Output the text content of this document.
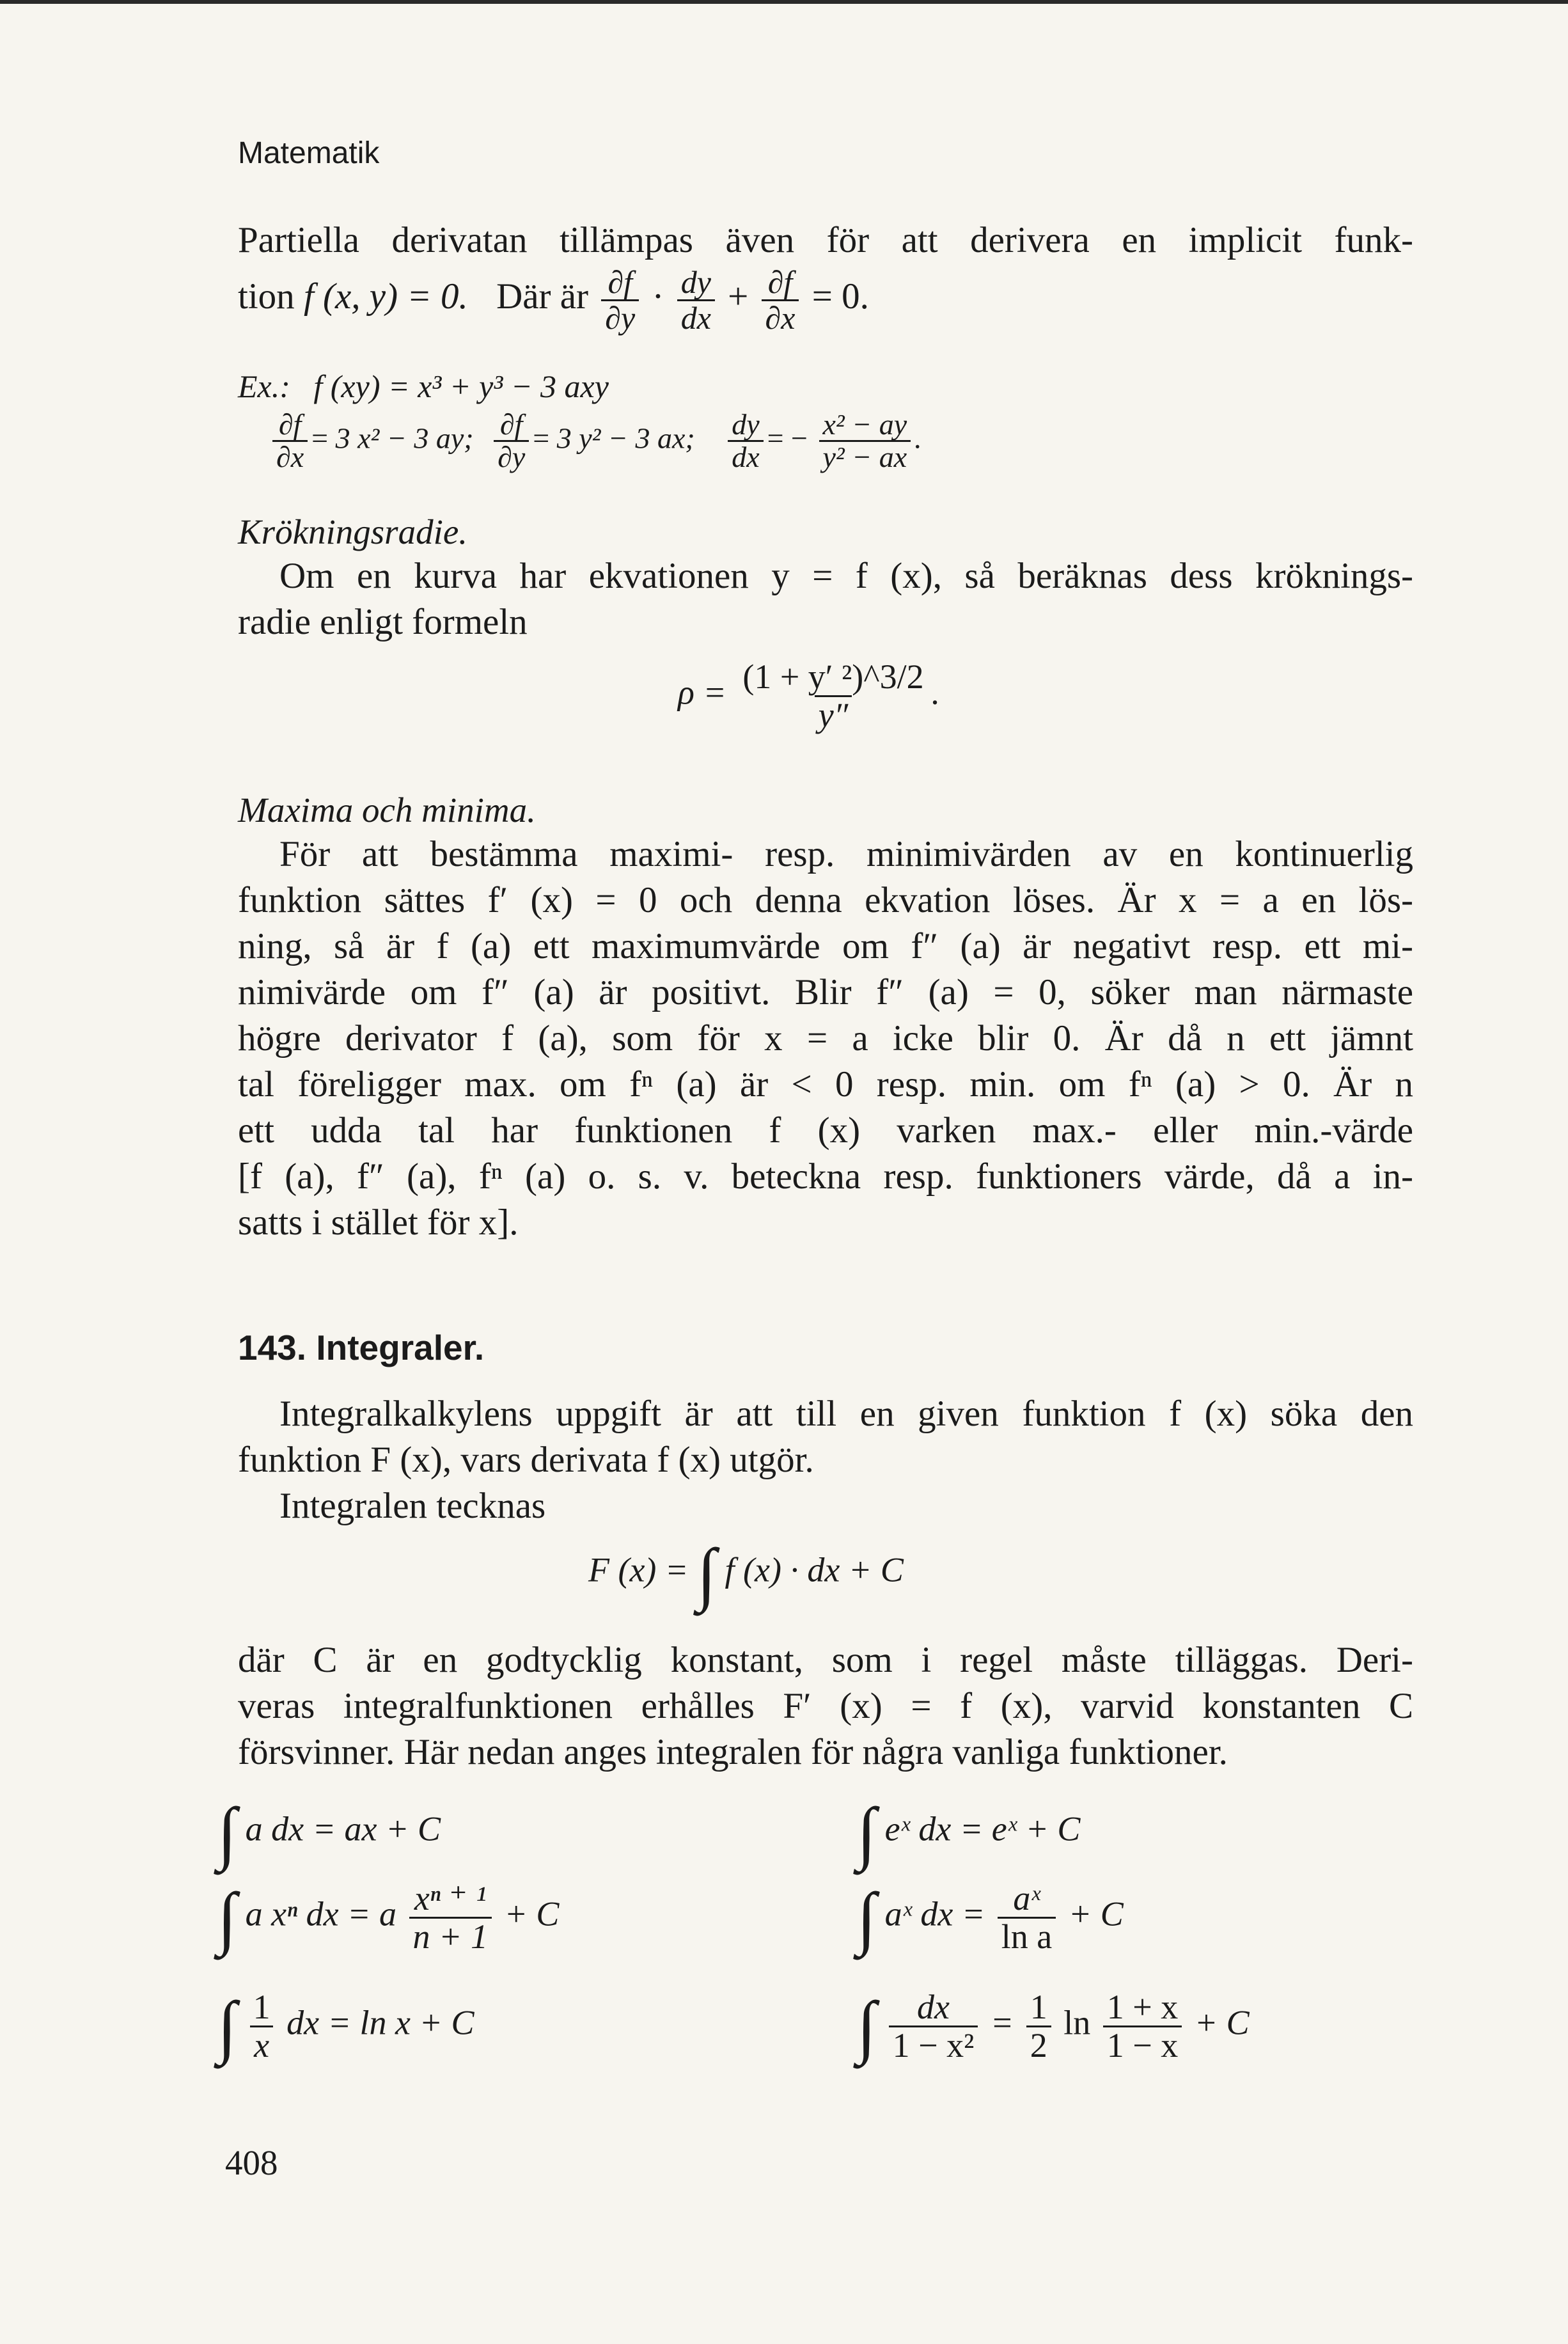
Matematik

Partiella derivatan tillämpas även för att derivera en implicit funk-

tion f (x, y) = 0. Där är $\frac{\partial f}{\partial y} \cdot \frac{dy}{dx} + \frac{\partial f}{\partial x} = 0$.
Ex.: f (xy) = x³ + y³ − 3 axy
$\frac{\partial f}{\partial x} = 3$ x² − 3 ay; $\frac{\partial f}{\partial y} = 3$ y² − 3 ax; $\frac{dy}{dx}$ = − $\frac{\text{x² − ay}}{\text{y² − ax}}$ .
Krökningsradie.

Om en kurva har ekvationen y = f (x), så beräknas dess kröknings-

radie enligt formeln

$\rho = \frac{\text{(1 + y′ ²)\textasciicircum{}3/2}}{y''}$ .
Maxima och minima.

För att bestämma maximi- resp. minimivärden av en kontinuerlig

funktion sättes f′ (x) = 0 och denna ekvation löses. Är x = a en lös-

ning, så är f (a) ett maximumvärde om f″ (a) är negativt resp. ett mi-

nimivärde om f″ (a) är positivt. Blir f″ (a) = 0, söker man närmaste

högre derivator f (a), som för x = a icke blir 0. Är då n ett jämnt

tal föreligger max. om fⁿ (a) är < 0 resp. min. om fⁿ (a) > 0. Är n

ett udda tal har funktionen f (x) varken max.- eller min.-värde

[f (a), f″ (a), fⁿ (a) o. s. v. beteckna resp. funktioners värde, då a in-

satts i stället för x].

143. Integraler.

Integralkalkylens uppgift är att till en given funktion f (x) söka den

funktion F (x), vars derivata f (x) utgör.

Integralen tecknas

F (x) = ∫ f (x) · dx + C

där C är en godtycklig konstant, som i regel måste tilläggas. Deri-

veras integralfunktionen erhålles F′ (x) = f (x), varvid konstanten C

försvinner. Här nedan anges integralen för några vanliga funktioner.

∫ a dx = ax + C
∫ a xⁿ dx = a $\frac{\text{xⁿ ⁺ ¹}}{n + 1} + C$
∫ $\frac{1}{x}$ dx = ln x + C
∫ eˣ dx = eˣ + C
∫ aˣ dx = $\frac{\text{aˣ}}{\text{ln a}} + C$
∫ $\frac{dx}{\text{1 − x²}} = \frac{1}{2}$ $\ln \frac{1 + x}{1 - x} + C$
408
